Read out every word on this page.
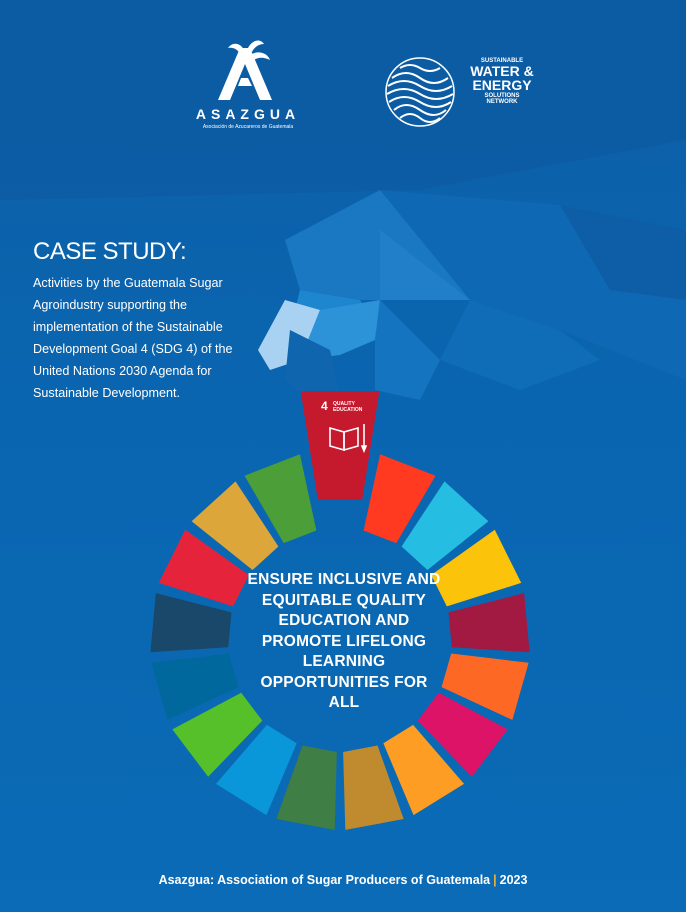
ASAZGUA
Asociación de Azucareros de Guatemala
SUSTAINABLE
WATER &
ENERGY
SOLUTIONS
NETWORK
CASE STUDY:
Activities by the Guatemala Sugar Agroindustry supporting the implementation of the Sustainable Development Goal 4 (SDG 4) of the United Nations 2030 Agenda for Sustainable Development.
4 QUALITY EDUCATION
ENSURE INCLUSIVE AND EQUITABLE QUALITY EDUCATION AND PROMOTE LIFELONG LEARNING OPPORTUNITIES FOR ALL
Asazgua: Association of Sugar Producers of Guatemala | 2023
